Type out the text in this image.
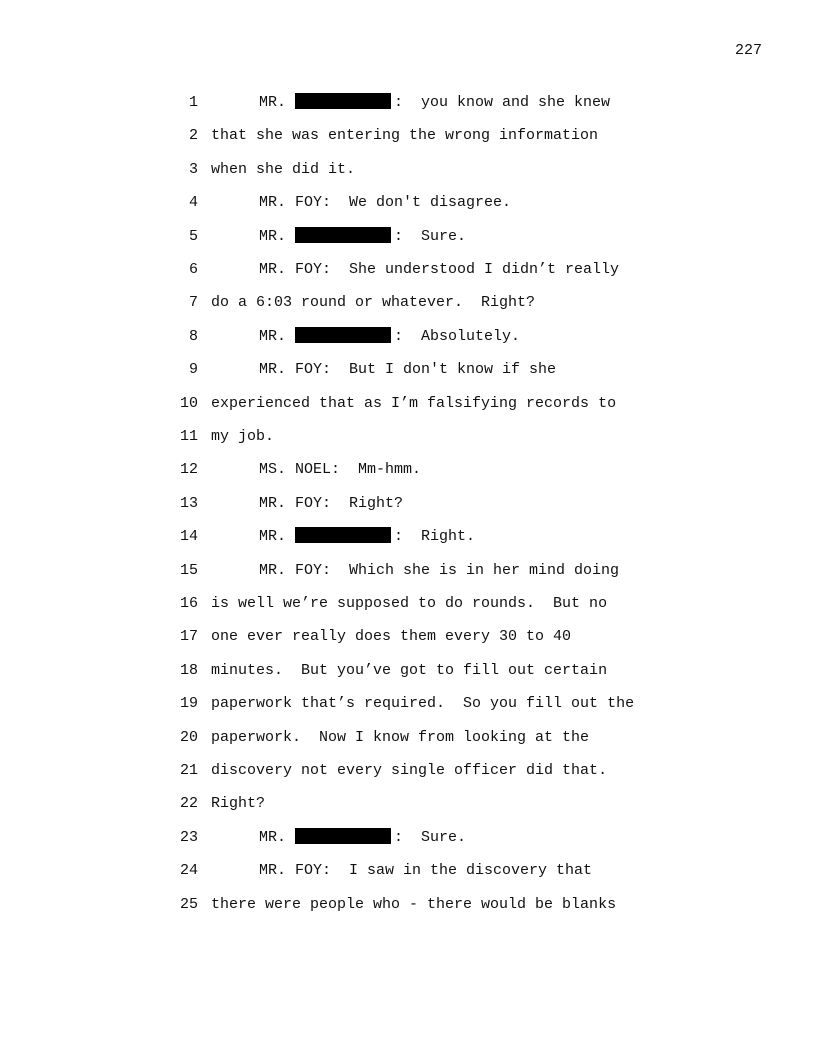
227
1	MR.	:  you know and she knew
2 that she was entering the wrong information
3 when she did it.
4	MR. FOY:  We don't disagree.
5	MR.	:  Sure.
6	MR. FOY:  She understood I didn’t really
7 do a 6:03 round or whatever.  Right?
8	MR.	:  Absolutely.
9	MR. FOY:  But I don't know if she
10 experienced that as I’m falsifying records to
11 my job.
12	MS. NOEL:  Mm-hmm.
13	MR. FOY:  Right?
14	MR.	:  Right.
15	MR. FOY:  Which she is in her mind doing
16 is well we’re supposed to do rounds.  But no
17 one ever really does them every 30 to 40
18 minutes.  But you’ve got to fill out certain
19 paperwork that’s required.  So you fill out the
20 paperwork.  Now I know from looking at the
21 discovery not every single officer did that.
22 Right?
23	MR.	:  Sure.
24	MR. FOY:  I saw in the discovery that
25 there were people who - there would be blanks
